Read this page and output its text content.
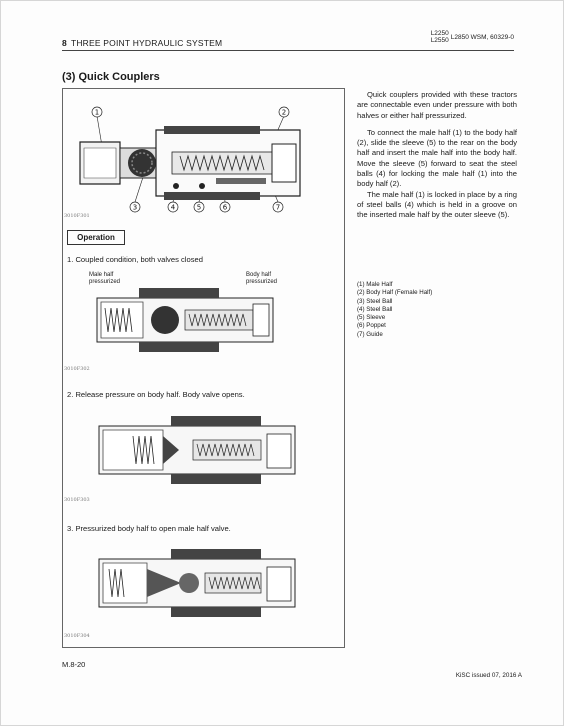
8 THREE POINT HYDRAULIC SYSTEM
L2250
L2550 L2850 WSM, 60329-0
(3) Quick Couplers
1	2
3	4	5	6	7
3010F301
Operation
1. Coupled condition, both valves closed
Male half
pressurized
Body half
pressurized
3010F302
2. Release pressure on body half. Body valve opens.
3010F303
3. Pressurized body half to open male half valve.
3010F304

Quick couplers provided with these tractors are connectable even under pressure with both halves or either half pressurized.

To connect the male half (1) to the body half (2), slide the sleeve (5) to the rear on the body half and insert the male half into the body half. Move the sleeve (5) forward to seat the steel balls (4) for locking the male half (1) into the body half (2).

The male half (1) is locked in place by a ring of steel balls (4) which is held in a groove on the inserted male half by the outer sleeve (5).

(1) Male Half
(2) Body Half (Female Half)
(3) Steel Ball
(4) Steel Ball
(5) Sleeve
(6) Poppet
(7) Guide
M.8-20
KiSC issued 07, 2016 A
